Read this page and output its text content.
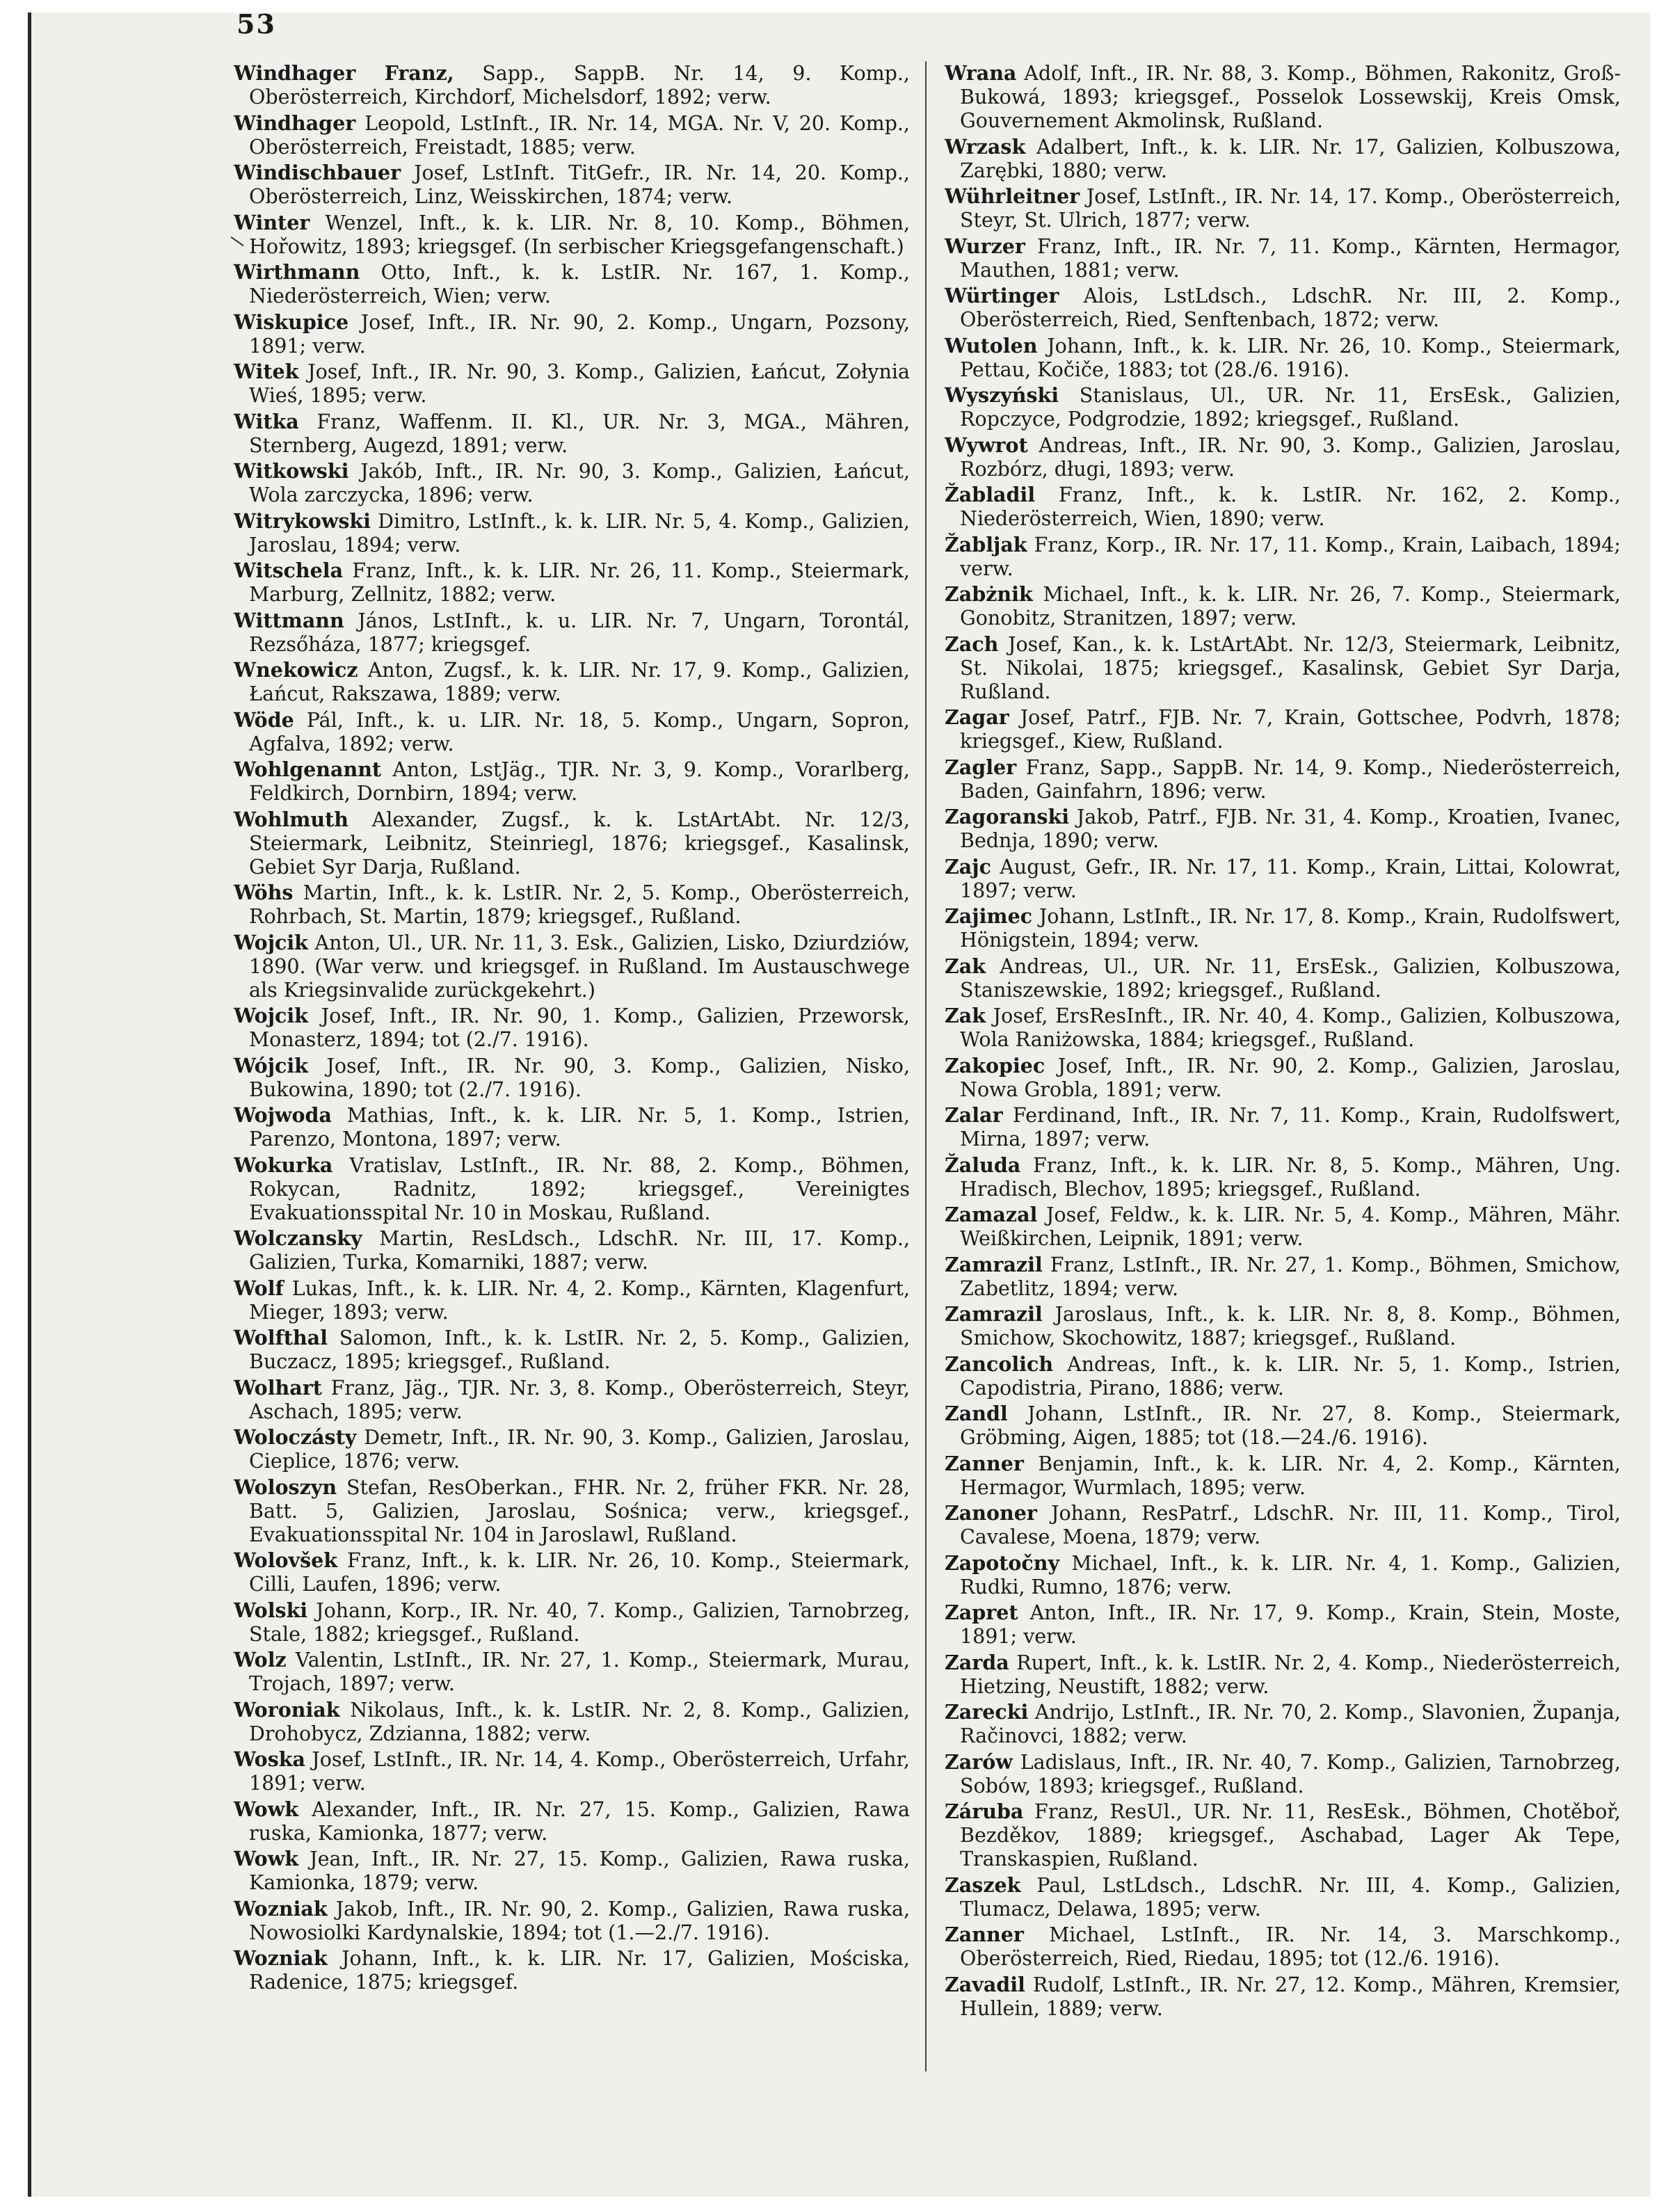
53

Windhager Franz, Sapp., SappB. Nr. 14, 9. Komp., Oberösterreich, Kirchdorf, Michelsdorf, 1892; verw.

Windhager Leopold, LstInft., IR. Nr. 14, MGA. Nr. V, 20. Komp., Oberösterreich, Freistadt, 1885; verw.

Windischbauer Josef, LstInft. TitGefr., IR. Nr. 14, 20. Komp., Oberösterreich, Linz, Weisskirchen, 1874; verw.

Winter Wenzel, Inft., k. k. LIR. Nr. 8, 10. Komp., Böhmen, Hořowitz, 1893; kriegsgef. (In serbischer Kriegsgefangenschaft.)

Wirthmann Otto, Inft., k. k. LstIR. Nr. 167, 1. Komp., Niederösterreich, Wien; verw.

Wiskupice Josef, Inft., IR. Nr. 90, 2. Komp., Ungarn, Pozsony, 1891; verw.

Witek Josef, Inft., IR. Nr. 90, 3. Komp., Galizien, Łańcut, Zołynia Wieś, 1895; verw.

Witka Franz, Waffenm. II. Kl., UR. Nr. 3, MGA., Mähren, Sternberg, Augezd, 1891; verw.

Witkowski Jakób, Inft., IR. Nr. 90, 3. Komp., Galizien, Łańcut, Wola zarczycka, 1896; verw.

Witrykowski Dimitro, LstInft., k. k. LIR. Nr. 5, 4. Komp., Galizien, Jaroslau, 1894; verw.

Witschela Franz, Inft., k. k. LIR. Nr. 26, 11. Komp., Steiermark, Marburg, Zellnitz, 1882; verw.

Wittmann János, LstInft., k. u. LIR. Nr. 7, Ungarn, Torontál, Rezsőháza, 1877; kriegsgef.

Wnekowicz Anton, Zugsf., k. k. LIR. Nr. 17, 9. Komp., Galizien, Łańcut, Rakszawa, 1889; verw.

Wöde Pál, Inft., k. u. LIR. Nr. 18, 5. Komp., Ungarn, Sopron, Agfalva, 1892; verw.

Wohlgenannt Anton, LstJäg., TJR. Nr. 3, 9. Komp., Vorarlberg, Feldkirch, Dornbirn, 1894; verw.

Wohlmuth Alexander, Zugsf., k. k. LstArtAbt. Nr. 12/3, Steiermark, Leibnitz, Steinriegl, 1876; kriegsgef., Kasalinsk, Gebiet Syr Darja, Rußland.

Wöhs Martin, Inft., k. k. LstIR. Nr. 2, 5. Komp., Oberösterreich, Rohrbach, St. Martin, 1879; kriegsgef., Rußland.

Wojcik Anton, Ul., UR. Nr. 11, 3. Esk., Galizien, Lisko, Dziurdziów, 1890. (War verw. und kriegsgef. in Rußland. Im Austauschwege als Kriegsinvalide zurückgekehrt.)

Wojcik Josef, Inft., IR. Nr. 90, 1. Komp., Galizien, Przeworsk, Monasterz, 1894; tot (2./7. 1916).

Wójcik Josef, Inft., IR. Nr. 90, 3. Komp., Galizien, Nisko, Bukowina, 1890; tot (2./7. 1916).

Wojwoda Mathias, Inft., k. k. LIR. Nr. 5, 1. Komp., Istrien, Parenzo, Montona, 1897; verw.

Wokurka Vratislav, LstInft., IR. Nr. 88, 2. Komp., Böhmen, Rokycan, Radnitz, 1892; kriegsgef., Vereinigtes Evakuationsspital Nr. 10 in Moskau, Rußland.

Wolczansky Martin, ResLdsch., LdschR. Nr. III, 17. Komp., Galizien, Turka, Komarniki, 1887; verw.

Wolf Lukas, Inft., k. k. LIR. Nr. 4, 2. Komp., Kärnten, Klagenfurt, Mieger, 1893; verw.

Wolfthal Salomon, Inft., k. k. LstIR. Nr. 2, 5. Komp., Galizien, Buczacz, 1895; kriegsgef., Rußland.

Wolhart Franz, Jäg., TJR. Nr. 3, 8. Komp., Oberösterreich, Steyr, Aschach, 1895; verw.

Woloczásty Demetr, Inft., IR. Nr. 90, 3. Komp., Galizien, Jaroslau, Cieplice, 1876; verw.

Woloszyn Stefan, ResOberkan., FHR. Nr. 2, früher FKR. Nr. 28, Batt. 5, Galizien, Jaroslau, Sośnica; verw., kriegsgef., Evakuationsspital Nr. 104 in Jaroslawl, Rußland.

Wolovšek Franz, Inft., k. k. LIR. Nr. 26, 10. Komp., Steiermark, Cilli, Laufen, 1896; verw.

Wolski Johann, Korp., IR. Nr. 40, 7. Komp., Galizien, Tarnobrzeg, Stale, 1882; kriegsgef., Rußland.

Wolz Valentin, LstInft., IR. Nr. 27, 1. Komp., Steiermark, Murau, Trojach, 1897; verw.

Woroniak Nikolaus, Inft., k. k. LstIR. Nr. 2, 8. Komp., Galizien, Drohobycz, Zdzianna, 1882; verw.

Woska Josef, LstInft., IR. Nr. 14, 4. Komp., Oberösterreich, Urfahr, 1891; verw.

Wowk Alexander, Inft., IR. Nr. 27, 15. Komp., Galizien, Rawa ruska, Kamionka, 1877; verw.

Wowk Jean, Inft., IR. Nr. 27, 15. Komp., Galizien, Rawa ruska, Kamionka, 1879; verw.

Wozniak Jakob, Inft., IR. Nr. 90, 2. Komp., Galizien, Rawa ruska, Nowosiolki Kardynalskie, 1894; tot (1.—2./7. 1916).

Wozniak Johann, Inft., k. k. LIR. Nr. 17, Galizien, Mościska, Radenice, 1875; kriegsgef.

Wrana Adolf, Inft., IR. Nr. 88, 3. Komp., Böhmen, Rakonitz, Groß-Bukowá, 1893; kriegsgef., Posselok Lossewskij, Kreis Omsk, Gouvernement Akmolinsk, Rußland.

Wrzask Adalbert, Inft., k. k. LIR. Nr. 17, Galizien, Kolbuszowa, Zarębki, 1880; verw.

Wührleitner Josef, LstInft., IR. Nr. 14, 17. Komp., Oberösterreich, Steyr, St. Ulrich, 1877; verw.

Wurzer Franz, Inft., IR. Nr. 7, 11. Komp., Kärnten, Hermagor, Mauthen, 1881; verw.

Würtinger Alois, LstLdsch., LdschR. Nr. III, 2. Komp., Oberösterreich, Ried, Senftenbach, 1872; verw.

Wutolen Johann, Inft., k. k. LIR. Nr. 26, 10. Komp., Steiermark, Pettau, Kočiče, 1883; tot (28./6. 1916).

Wyszyński Stanislaus, Ul., UR. Nr. 11, ErsEsk., Galizien, Ropczyce, Podgrodzie, 1892; kriegsgef., Rußland.

Wywrot Andreas, Inft., IR. Nr. 90, 3. Komp., Galizien, Jaroslau, Rozbórz, długi, 1893; verw.

Žabladil Franz, Inft., k. k. LstIR. Nr. 162, 2. Komp., Niederösterreich, Wien, 1890; verw.

Žabljak Franz, Korp., IR. Nr. 17, 11. Komp., Krain, Laibach, 1894; verw.

Zabżnik Michael, Inft., k. k. LIR. Nr. 26, 7. Komp., Steiermark, Gonobitz, Stranitzen, 1897; verw.

Zach Josef, Kan., k. k. LstArtAbt. Nr. 12/3, Steiermark, Leibnitz, St. Nikolai, 1875; kriegsgef., Kasalinsk, Gebiet Syr Darja, Rußland.

Zagar Josef, Patrf., FJB. Nr. 7, Krain, Gottschee, Podvrh, 1878; kriegsgef., Kiew, Rußland.

Zagler Franz, Sapp., SappB. Nr. 14, 9. Komp., Niederösterreich, Baden, Gainfahrn, 1896; verw.

Zagoranski Jakob, Patrf., FJB. Nr. 31, 4. Komp., Kroatien, Ivanec, Bednja, 1890; verw.

Zajc August, Gefr., IR. Nr. 17, 11. Komp., Krain, Littai, Kolowrat, 1897; verw.

Zajimec Johann, LstInft., IR. Nr. 17, 8. Komp., Krain, Rudolfswert, Hönigstein, 1894; verw.

Zak Andreas, Ul., UR. Nr. 11, ErsEsk., Galizien, Kolbuszowa, Staniszewskie, 1892; kriegsgef., Rußland.

Zak Josef, ErsResInft., IR. Nr. 40, 4. Komp., Galizien, Kolbuszowa, Wola Raniżowska, 1884; kriegsgef., Rußland.

Zakopiec Josef, Inft., IR. Nr. 90, 2. Komp., Galizien, Jaroslau, Nowa Grobla, 1891; verw.

Zalar Ferdinand, Inft., IR. Nr. 7, 11. Komp., Krain, Rudolfswert, Mirna, 1897; verw.

Žaluda Franz, Inft., k. k. LIR. Nr. 8, 5. Komp., Mähren, Ung. Hradisch, Blechov, 1895; kriegsgef., Rußland.

Zamazal Josef, Feldw., k. k. LIR. Nr. 5, 4. Komp., Mähren, Mähr. Weißkirchen, Leipnik, 1891; verw.

Zamrazil Franz, LstInft., IR. Nr. 27, 1. Komp., Böhmen, Smichow, Zabetlitz, 1894; verw.

Zamrazil Jaroslaus, Inft., k. k. LIR. Nr. 8, 8. Komp., Böhmen, Smichow, Skochowitz, 1887; kriegsgef., Rußland.

Zancolich Andreas, Inft., k. k. LIR. Nr. 5, 1. Komp., Istrien, Capodistria, Pirano, 1886; verw.

Zandl Johann, LstInft., IR. Nr. 27, 8. Komp., Steiermark, Gröbming, Aigen, 1885; tot (18.—24./6. 1916).

Zanner Benjamin, Inft., k. k. LIR. Nr. 4, 2. Komp., Kärnten, Hermagor, Wurmlach, 1895; verw.

Zanoner Johann, ResPatrf., LdschR. Nr. III, 11. Komp., Tirol, Cavalese, Moena, 1879; verw.

Zapotočny Michael, Inft., k. k. LIR. Nr. 4, 1. Komp., Galizien, Rudki, Rumno, 1876; verw.

Zapret Anton, Inft., IR. Nr. 17, 9. Komp., Krain, Stein, Moste, 1891; verw.

Zarda Rupert, Inft., k. k. LstIR. Nr. 2, 4. Komp., Niederösterreich, Hietzing, Neustift, 1882; verw.

Zarecki Andrijo, LstInft., IR. Nr. 70, 2. Komp., Slavonien, Županja, Račinovci, 1882; verw.

Zarów Ladislaus, Inft., IR. Nr. 40, 7. Komp., Galizien, Tarnobrzeg, Sobów, 1893; kriegsgef., Rußland.

Záruba Franz, ResUl., UR. Nr. 11, ResEsk., Böhmen, Chotěboř, Bezděkov, 1889; kriegsgef., Aschabad, Lager Ak Tepe, Transkaspien, Rußland.

Zaszek Paul, LstLdsch., LdschR. Nr. III, 4. Komp., Galizien, Tlumacz, Delawa, 1895; verw.

Zanner Michael, LstInft., IR. Nr. 14, 3. Marschkomp., Oberösterreich, Ried, Riedau, 1895; tot (12./6. 1916).

Zavadil Rudolf, LstInft., IR. Nr. 27, 12. Komp., Mähren, Kremsier, Hullein, 1889; verw.
